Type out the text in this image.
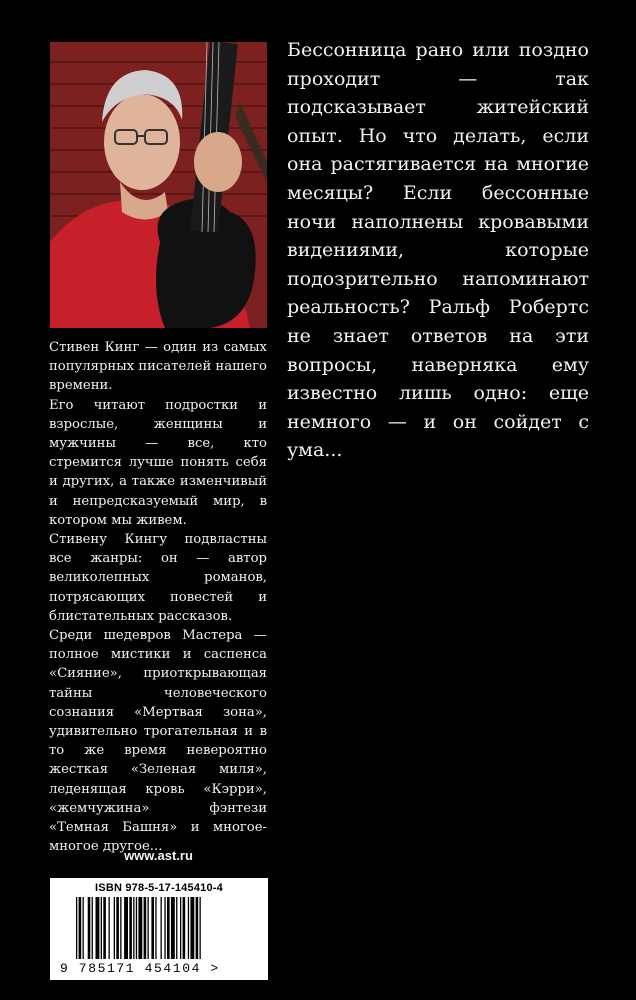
Стивен Кинг — один из самых популярных писателей нашего времени.

Его читают подростки и взрослые, женщины и мужчины — все, кто стремится лучше понять себя и других, а также изменчивый и непредсказуемый мир, в котором мы живем.

Стивену Кингу подвластны все жанры: он — автор великолепных романов, потрясающих повестей и блистательных рассказов.

Среди шедевров Мастера — полное мистики и саспенса «Сияние», приоткрывающая тайны человеческого сознания «Мертвая зона», удивительно трогательная и в то же время невероятно жесткая «Зеленая миля», леденящая кровь «Кэрри», «жемчужина» фэнтези «Темная Башня» и многое-многое другое...

Бессонница рано или поздно проходит — так подсказывает житейский опыт. Но что делать, если она растягивается на многие месяцы? Если бессонные ночи наполнены кровавыми видениями, которые подозрительно напоминают реальность? Ральф Робертс не знает ответов на эти вопросы, наверняка ему известно лишь одно: еще немного — и он сойдет с ума...

www.ast.ru
ISBN 978-5-17-145410-4
9 785171 454104 >
